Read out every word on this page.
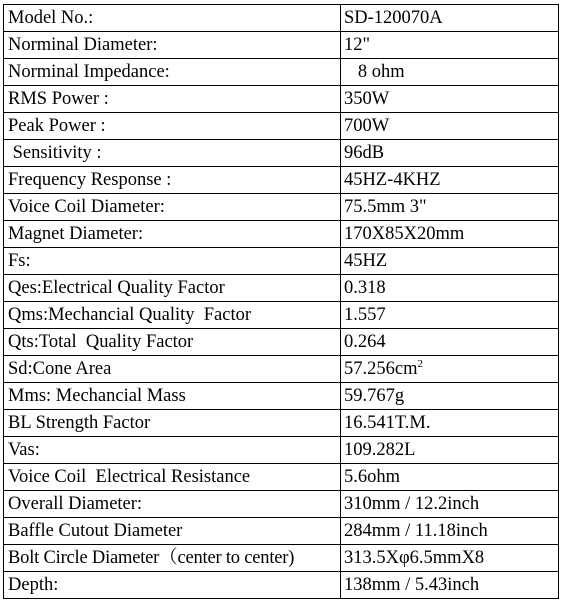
Model No.:	SD-120070A
Norminal Diameter:	12"
Norminal Impedance:	8 ohm
RMS Power :	350W
Peak Power :	700W
Sensitivity :	96dB
Frequency Response :	45HZ-4KHZ
Voice Coil Diameter:	75.5mm 3"
Magnet Diameter:	170X85X20mm
Fs:	45HZ
Qes:Electrical Quality Factor	0.318
Qms:Mechancial Quality  Factor	1.557
Qts:Total  Quality Factor	0.264
Sd:Cone Area	$57.256cm^2$
Mms: Mechancial Mass	59.767g
BL Strength Factor	16.541T.M.
Vas:	109.282L
Voice Coil  Electrical Resistance	5.6ohm
Overall Diameter:	310mm / 12.2inch
Baffle Cutout Diameter	284mm / 11.18inch
Bolt Circle Diameter（center to center)	313.5Xφ6.5mmX8
Depth:	138mm / 5.43inch
